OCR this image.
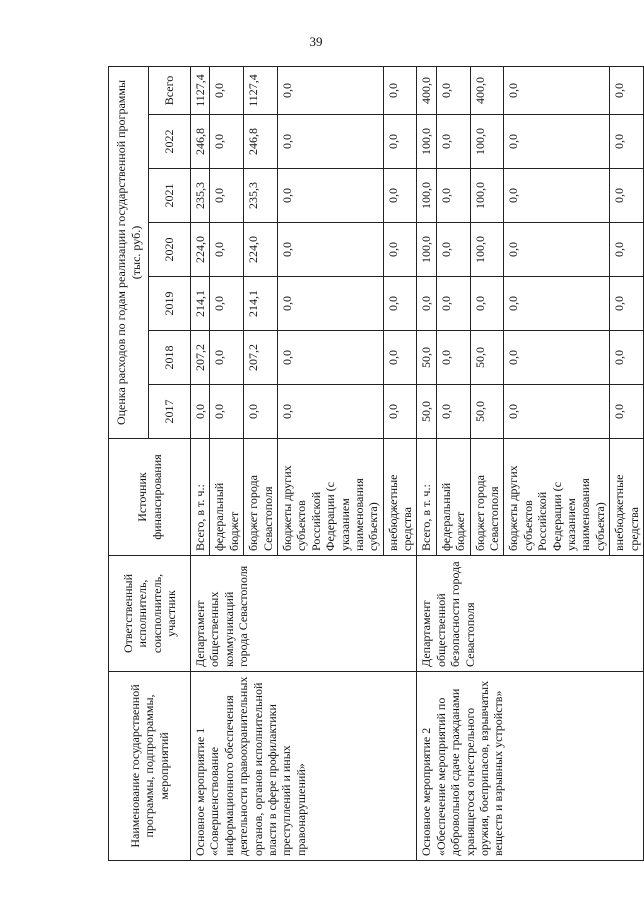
39
Наименование государственной программы, подпрограммы, мероприятий	Ответственный исполнитель, соисполнитель, участник	Источник финансирования	Оценка расходов по годам реализации государственной программы (тыс. руб.)						
			2017	2018	2019	2020	2021	2022	Всего
Основное мероприятие 1 «Совершенствование информационного обеспечения деятельности правоохранительных органов, органов исполнительной власти в сфере профилактики преступлений и иных правонарушений»	Департамент общественных коммуникаций города Севастополя	Всего, в т. ч.:	0,0	207,2	214,1	224,0	235,3	246,8	1127,4
		федеральный бюджет	0,0	0,0	0,0	0,0	0,0	0,0	0,0
		бюджет города Севастополя	0,0	207,2	214,1	224,0	235,3	246,8	1127,4
		бюджеты других субъектов Российской Федерации (с указанием наименования субъекта)	0,0	0,0	0,0	0,0	0,0	0,0	0,0
		внебюджетные средства	0,0	0,0	0,0	0,0	0,0	0,0	0,0
Основное мероприятие 2 «Обеспечение мероприятий по добровольной сдаче гражданами хранящегося огнестрельного оружия, боеприпасов, взрывчатых веществ и взрывных устройств»	Департамент общественной безопасности города Севастополя	Всего, в т. ч.:	50,0	50,0	0,0	100,0	100,0	100,0	400,0
		федеральный бюджет	0,0	0,0	0,0	0,0	0,0	0,0	0,0
		бюджет города Севастополя	50,0	50,0	0,0	100,0	100,0	100,0	400,0
		бюджеты других субъектов Российской Федерации (с указанием наименования субъекта)	0,0	0,0	0,0	0,0	0,0	0,0	0,0
		внебюджетные средства	0,0	0,0	0,0	0,0	0,0	0,0	0,0
